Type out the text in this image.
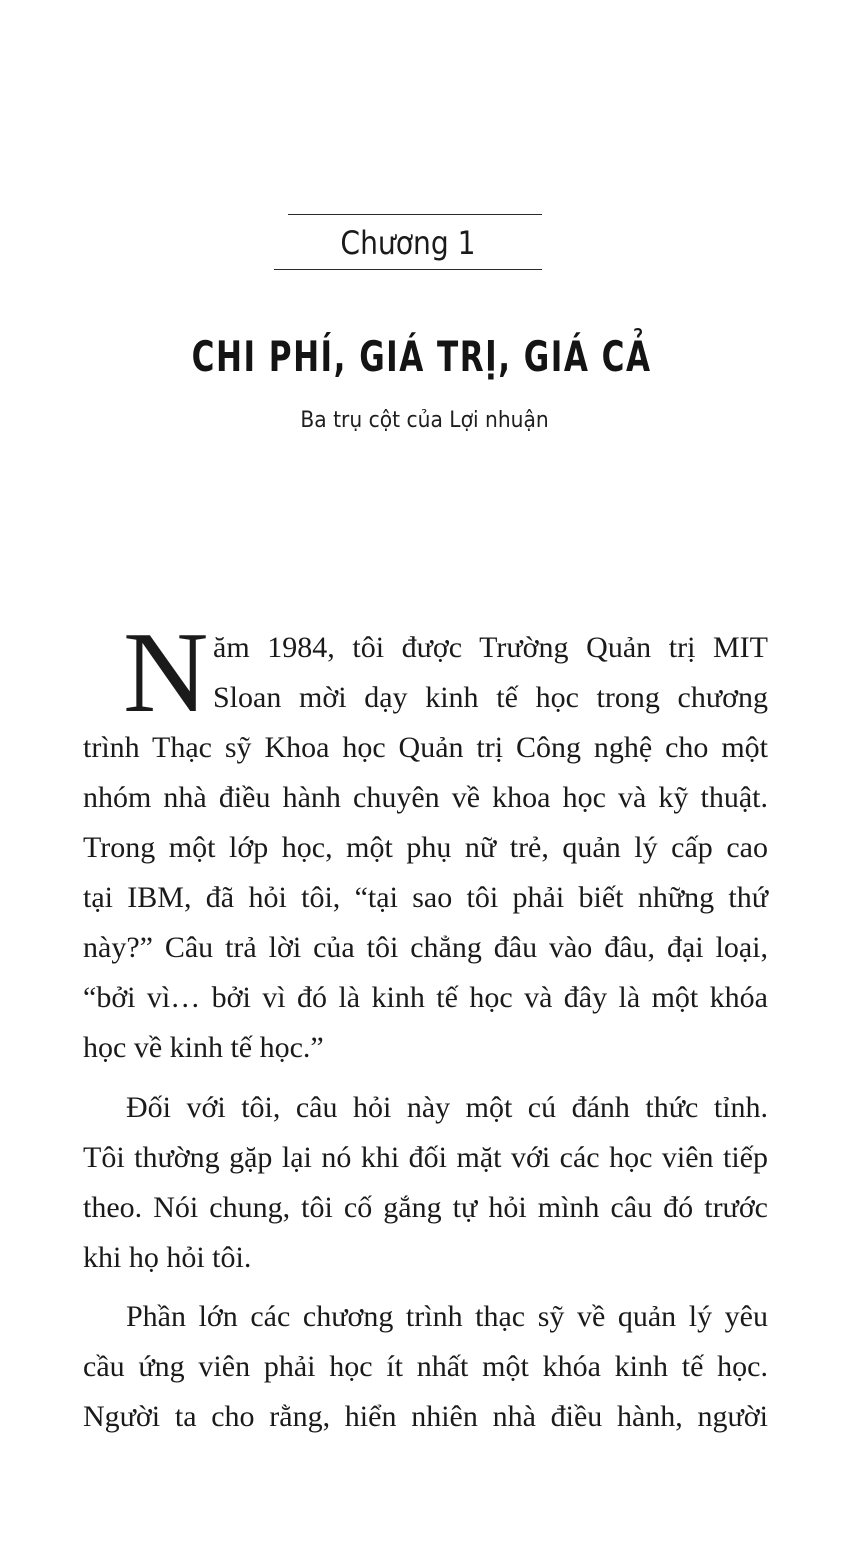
Chương 1
CHI PHÍ, GIÁ TRỊ, GIÁ CẢ
Ba trụ cột của Lợi nhuận
N ăm 1984, tôi được Trường Quản trị MIT
Sloan mời dạy kinh tế học trong chương
trình Thạc sỹ Khoa học Quản trị Công nghệ cho một
nhóm nhà điều hành chuyên về khoa học và kỹ thuật.
Trong một lớp học, một phụ nữ trẻ, quản lý cấp cao
tại IBM, đã hỏi tôi, “tại sao tôi phải biết những thứ
này?” Câu trả lời của tôi chẳng đâu vào đâu, đại loại,
“bởi vì… bởi vì đó là kinh tế học và đây là một khóa
học về kinh tế học.”
Đối với tôi, câu hỏi này một cú đánh thức tỉnh.
Tôi thường gặp lại nó khi đối mặt với các học viên tiếp
theo. Nói chung, tôi cố gắng tự hỏi mình câu đó trước
khi họ hỏi tôi.
Phần lớn các chương trình thạc sỹ về quản lý yêu
cầu ứng viên phải học ít nhất một khóa kinh tế học.
Người ta cho rằng, hiển nhiên nhà điều hành, người
